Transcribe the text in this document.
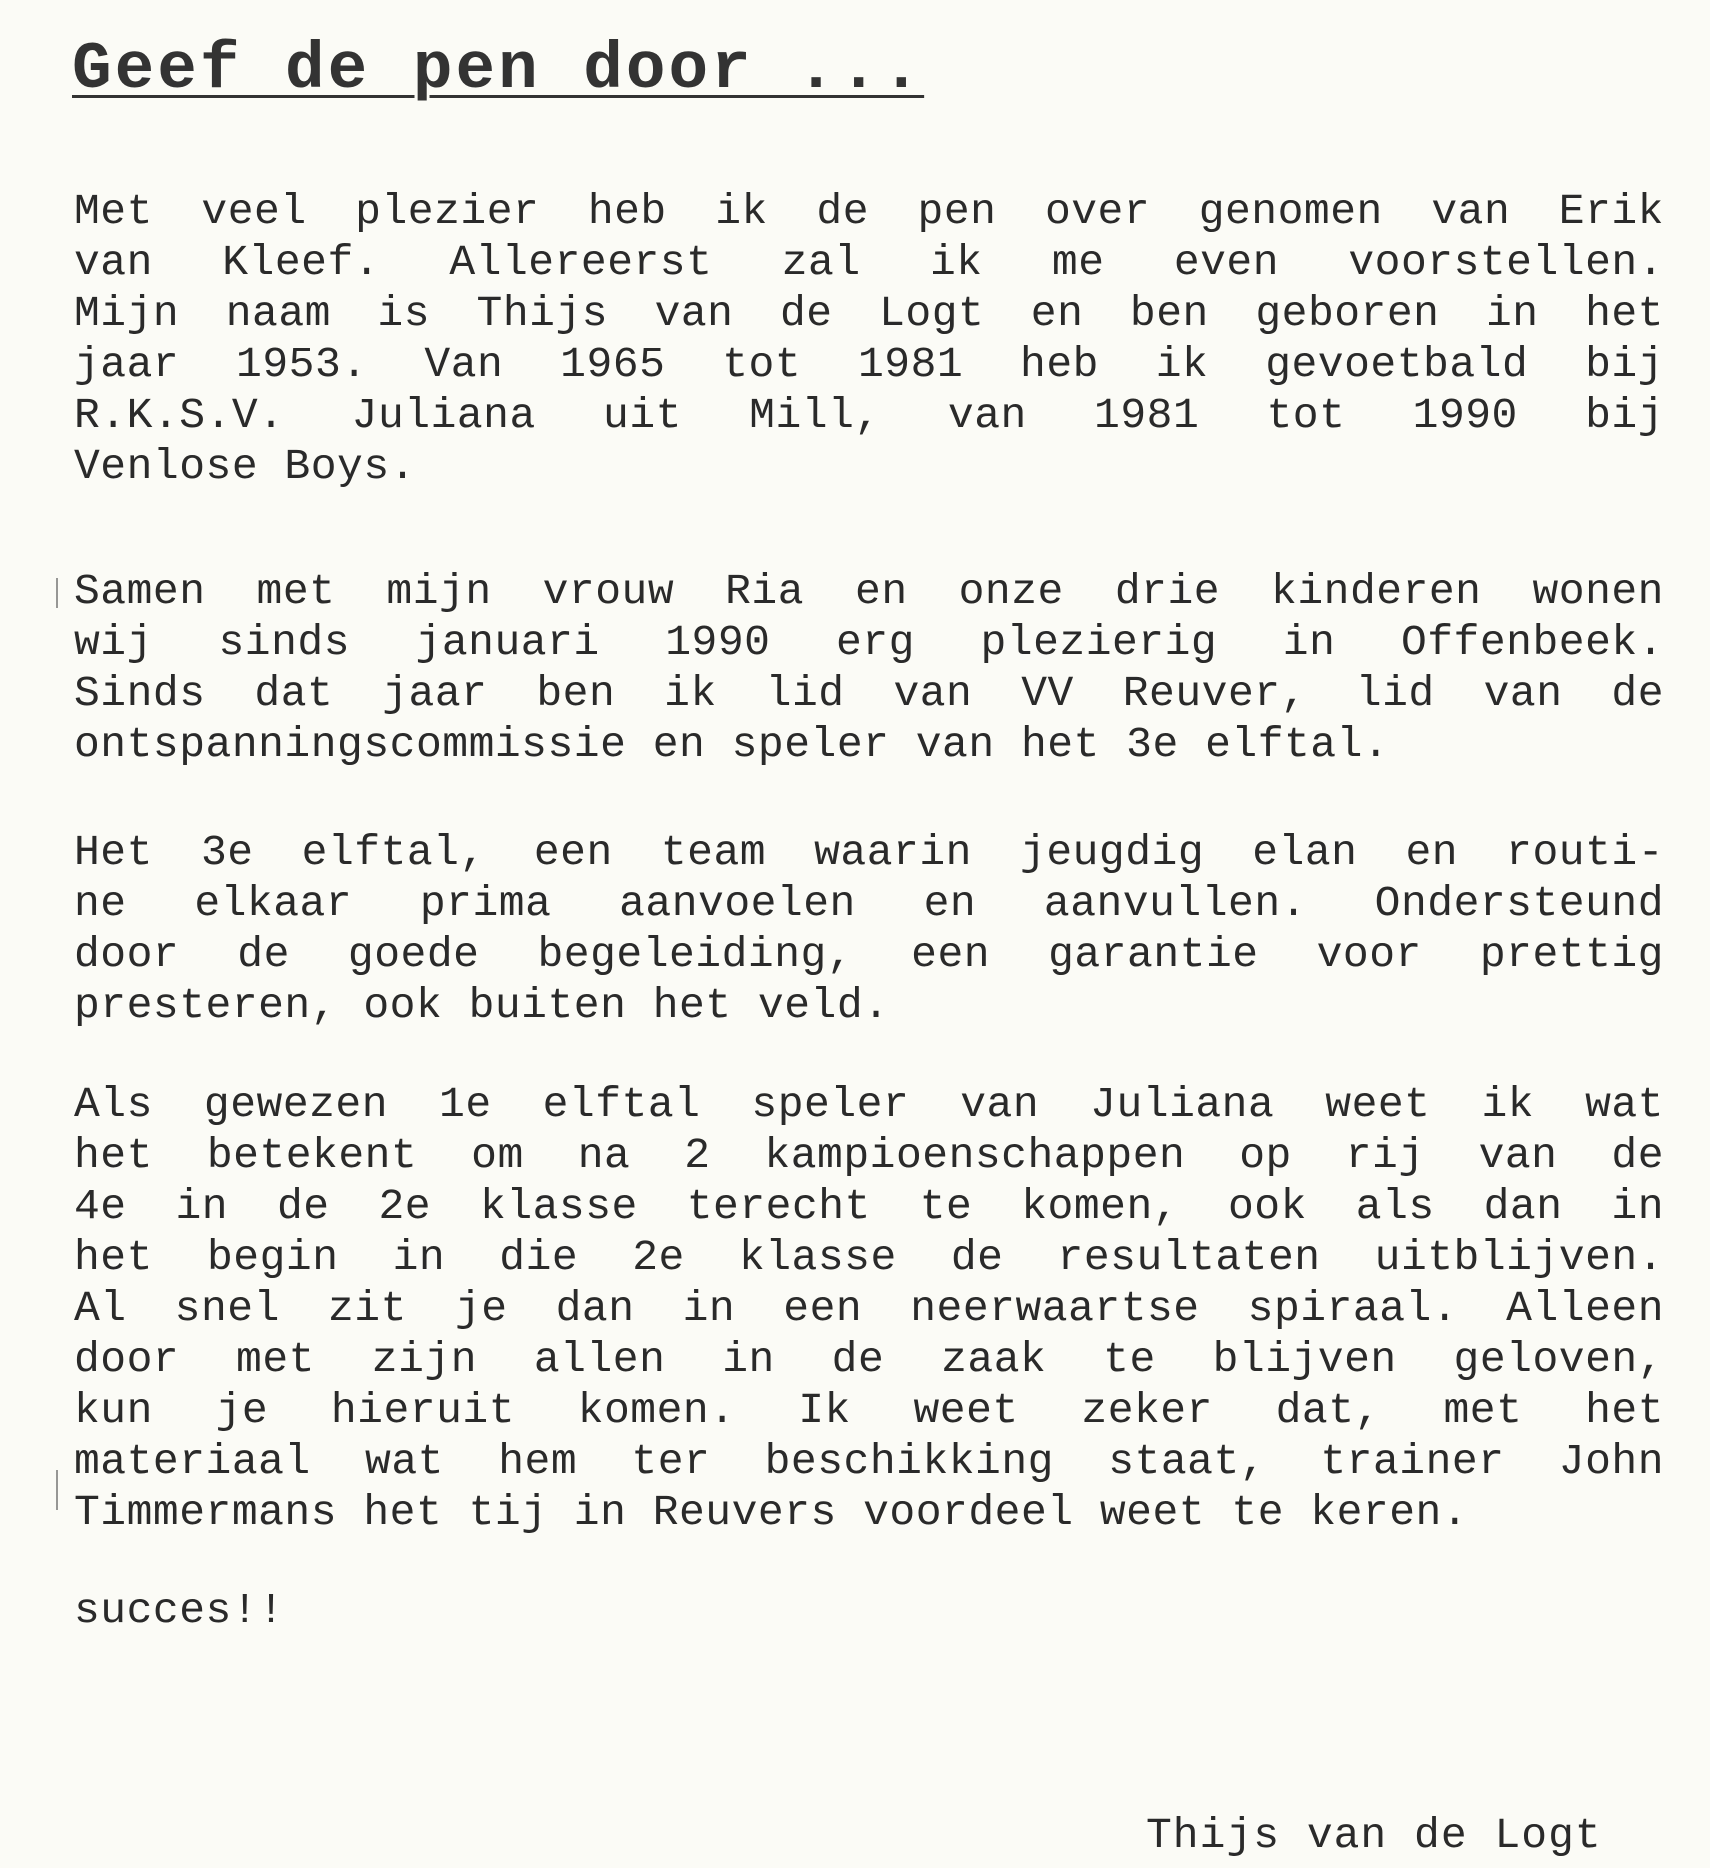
Geef de pen door ...
Met veel plezier heb ik de pen over genomen van Erik
van Kleef. Allereerst zal ik me even voorstellen.
Mijn naam is Thijs van de Logt en ben geboren in het
jaar 1953. Van 1965 tot 1981 heb ik gevoetbald bij
R.K.S.V. Juliana uit Mill, van 1981 tot 1990 bij
Venlose Boys.
Samen met mijn vrouw Ria en onze drie kinderen wonen
wij sinds januari 1990 erg plezierig in Offenbeek.
Sinds dat jaar ben ik lid van VV Reuver, lid van de
ontspanningscommissie en speler van het 3e elftal.
Het 3e elftal, een team waarin jeugdig elan en routi-
ne elkaar prima aanvoelen en aanvullen. Ondersteund
door de goede begeleiding, een garantie voor prettig
presteren, ook buiten het veld.
Als gewezen 1e elftal speler van Juliana weet ik wat
het betekent om na 2 kampioenschappen op rij van de
4e in de 2e klasse terecht te komen, ook als dan in
het begin in die 2e klasse de resultaten uitblijven.
Al snel zit je dan in een neerwaartse spiraal. Alleen
door met zijn allen in de zaak te blijven geloven,
kun je hieruit komen. Ik weet zeker dat, met het
materiaal wat hem ter beschikking staat, trainer John
Timmermans het tij in Reuvers voordeel weet te keren.

succes!!

Thijs van de Logt
